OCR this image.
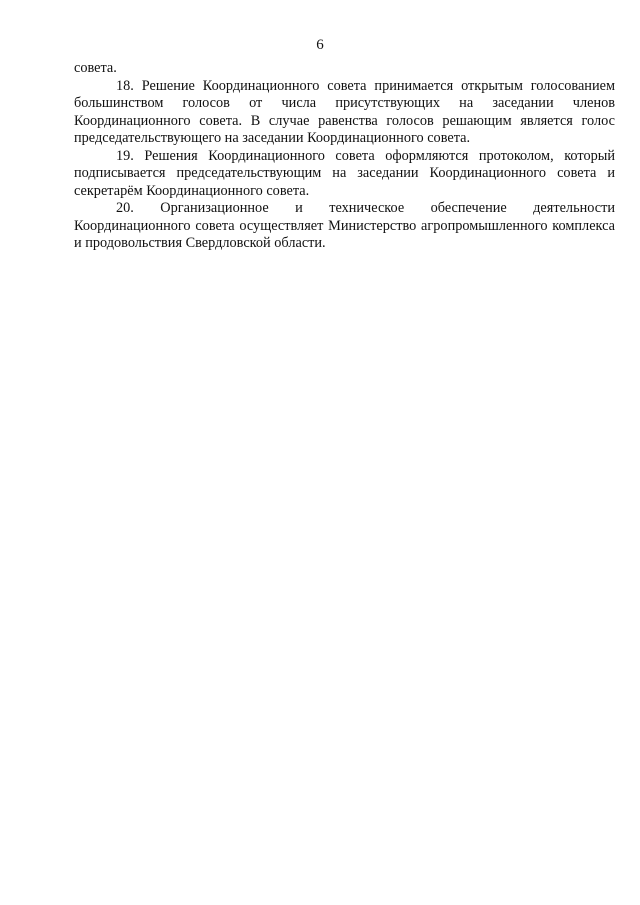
6

совета.

18. Решение Координационного совета принимается открытым голосованием большинством голосов от числа присутствующих на заседании членов Координационного совета. В случае равенства голосов решающим является голос председательствующего на заседании Координационного совета.

19. Решения Координационного совета оформляются протоколом, который подписывается председательствующим на заседании Координационного совета и секретарём Координационного совета.

20. Организационное и техническое обеспечение деятельности Координационного совета осуществляет Министерство агропромышленного комплекса и продовольствия Свердловской области.
